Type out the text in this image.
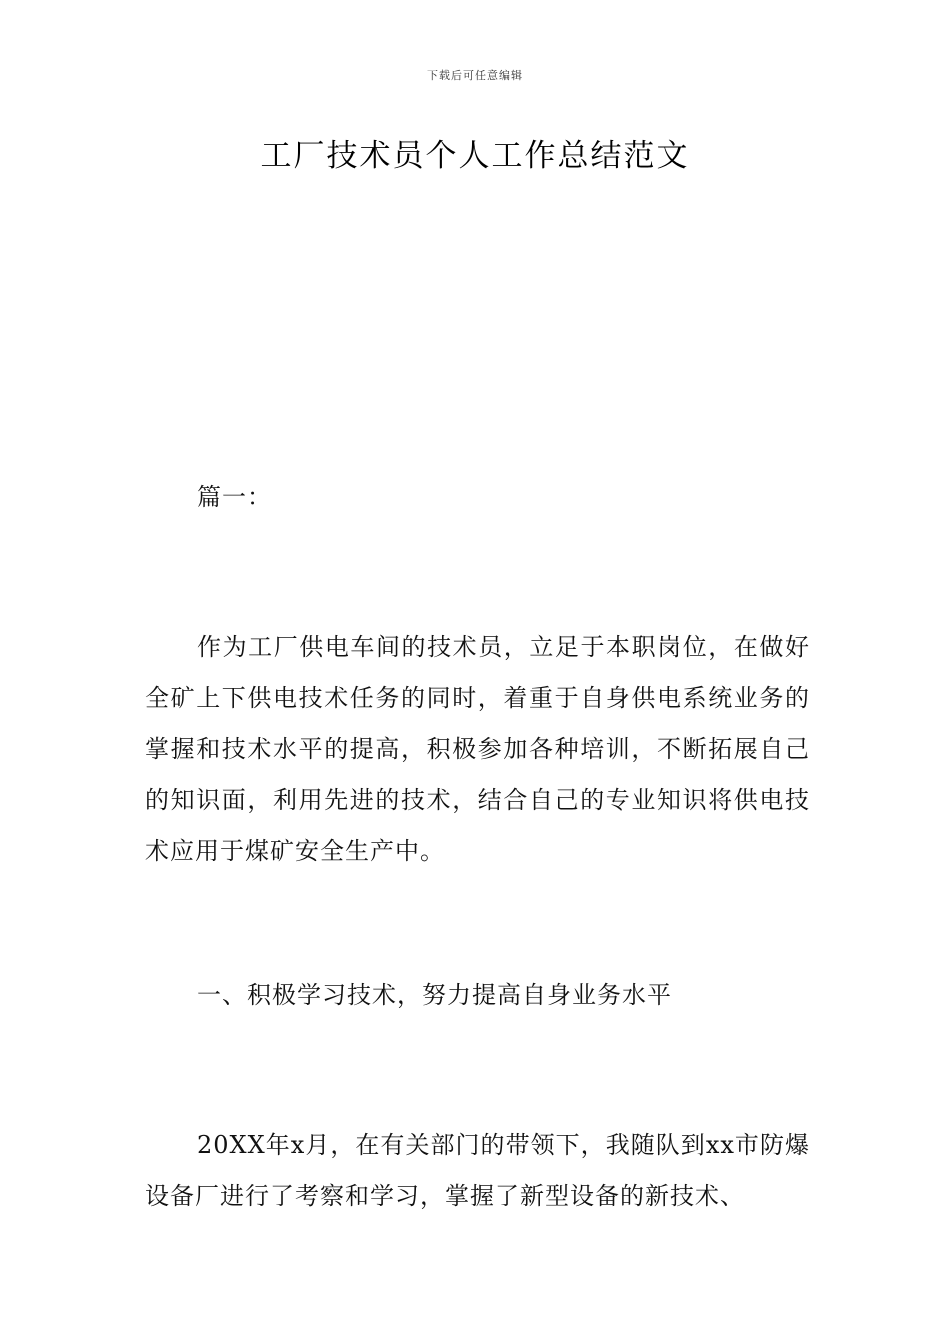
下载后可任意编辑
工厂技术员个人工作总结范文
篇一：

作为工厂供电车间的技术员，立足于本职岗位，在做好全矿上下供电技术任务的同时，着重于自身供电系统业务的掌握和技术水平的提高，积极参加各种培训，不断拓展自己的知识面，利用先进的技术，结合自己的专业知识将供电技术应用于煤矿安全生产中。

一、积极学习技术，努力提高自身业务水平

20XX年x月，在有关部门的带领下，我随队到xx市防爆设备厂进行了考察和学习，掌握了新型设备的新技术、
